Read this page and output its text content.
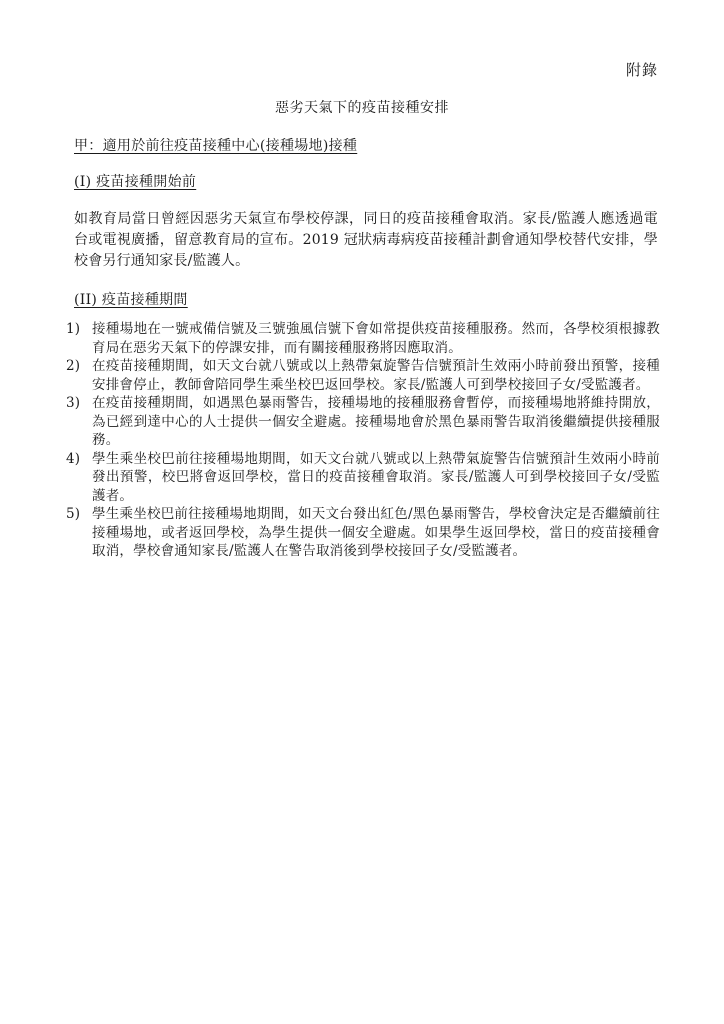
附錄
惡劣天氣下的疫苗接種安排
甲：適用於前往疫苗接種中心(接種場地)接種
(I) 疫苗接種開始前
如教育局當日曾經因惡劣天氣宣布學校停課，同日的疫苗接種會取消。家長/監護人應透過電台或電視廣播，留意教育局的宣布。2019 冠狀病毒病疫苗接種計劃會通知學校替代安排，學校會另行通知家長/監護人。
(II) 疫苗接種期間
1) 接種場地在一號戒備信號及三號強風信號下會如常提供疫苗接種服務。然而，各學校須根據教育局在惡劣天氣下的停課安排，而有關接種服務將因應取消。
2) 在疫苗接種期間，如天文台就八號或以上熱帶氣旋警告信號預計生效兩小時前發出預警，接種安排會停止，教師會陪同學生乘坐校巴返回學校。家長/監護人可到學校接回子女/受監護者。
3) 在疫苗接種期間，如遇黑色暴雨警告，接種場地的接種服務會暫停，而接種場地將維持開放，為已經到達中心的人士提供一個安全避處。接種場地會於黑色暴雨警告取消後繼續提供接種服務。
4) 學生乘坐校巴前往接種場地期間，如天文台就八號或以上熱帶氣旋警告信號預計生效兩小時前發出預警，校巴將會返回學校，當日的疫苗接種會取消。家長/監護人可到學校接回子女/受監護者。
5) 學生乘坐校巴前往接種場地期間，如天文台發出紅色/黑色暴雨警告，學校會決定是否繼續前往接種場地，或者返回學校，為學生提供一個安全避處。如果學生返回學校，當日的疫苗接種會取消，學校會通知家長/監護人在警告取消後到學校接回子女/受監護者。
